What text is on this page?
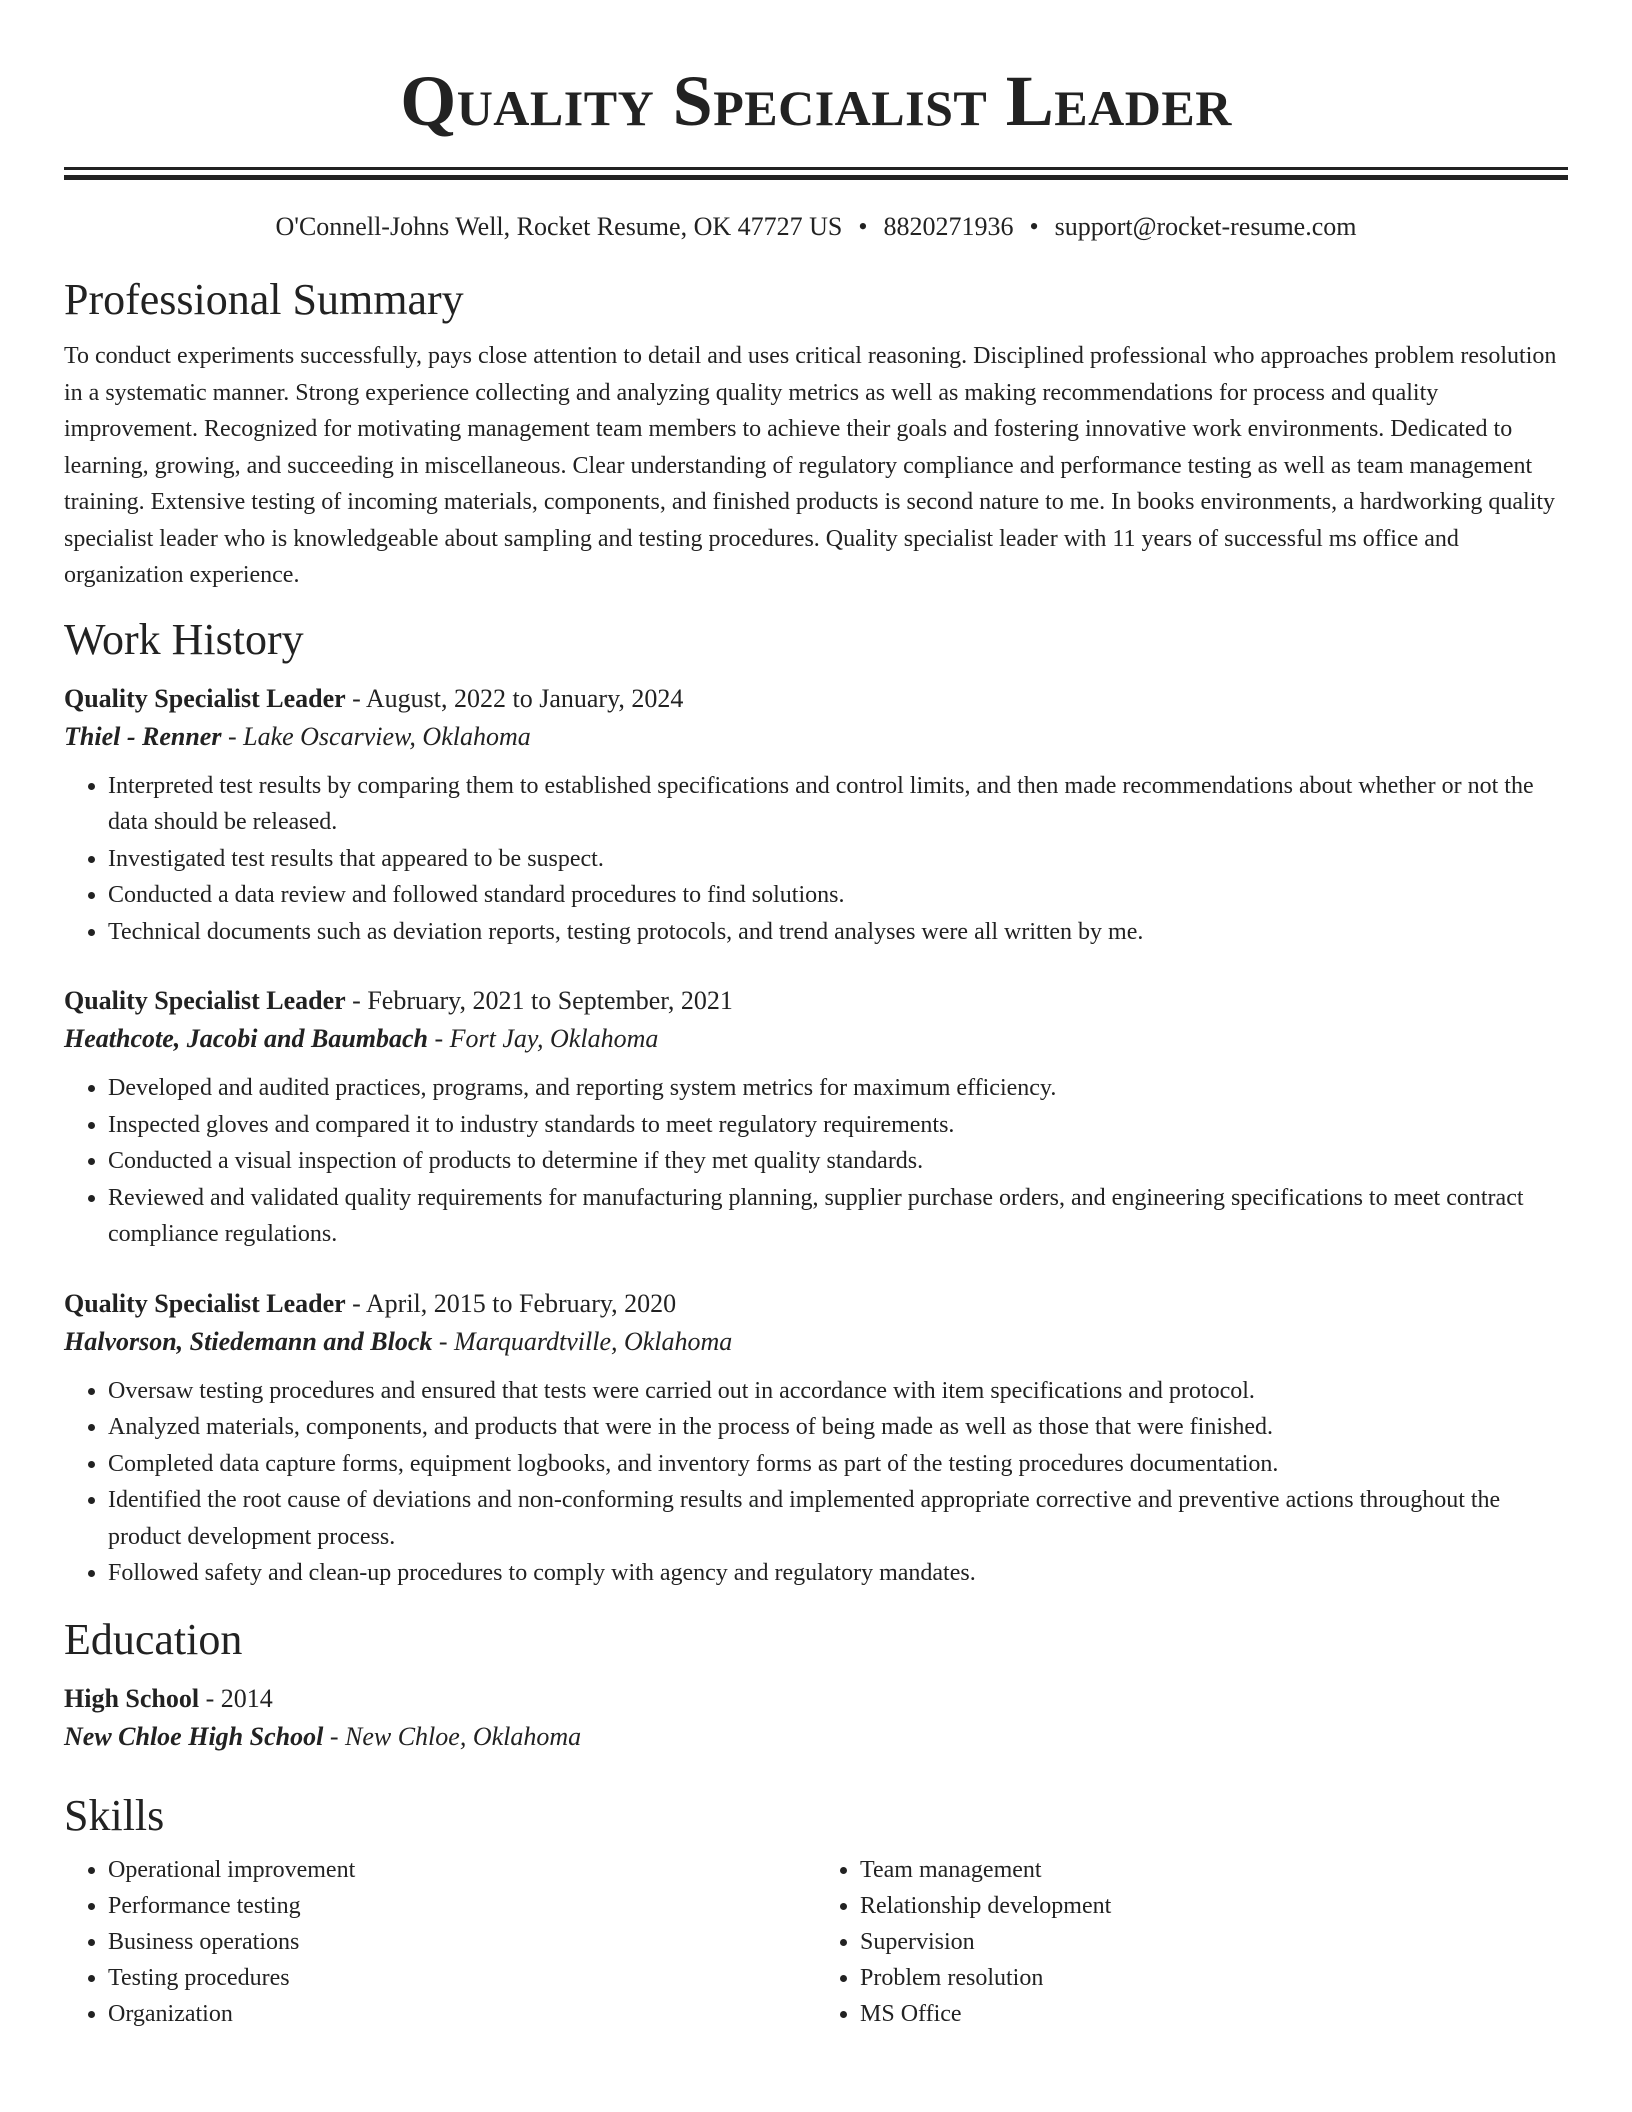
Quality Specialist Leader
O'Connell-Johns Well, Rocket Resume, OK 47727 US • 8820271936 • support@rocket-resume.com
Professional Summary

To conduct experiments successfully, pays close attention to detail and uses critical reasoning. Disciplined professional who approaches problem resolution in a systematic manner. Strong experience collecting and analyzing quality metrics as well as making recommendations for process and quality improvement. Recognized for motivating management team members to achieve their goals and fostering innovative work environments. Dedicated to learning, growing, and succeeding in miscellaneous. Clear understanding of regulatory compliance and performance testing as well as team management training. Extensive testing of incoming materials, components, and finished products is second nature to me. In books environments, a hardworking quality specialist leader who is knowledgeable about sampling and testing procedures. Quality specialist leader with 11 years of successful ms office and organization experience.

Work History
Quality Specialist Leader - August, 2022 to January, 2024
Thiel - Renner - Lake Oscarview, Oklahoma
• Interpreted test results by comparing them to established specifications and control limits, and then made recommendations about whether or not the data should be released.
• Investigated test results that appeared to be suspect.
• Conducted a data review and followed standard procedures to find solutions.
• Technical documents such as deviation reports, testing protocols, and trend analyses were all written by me.
Quality Specialist Leader - February, 2021 to September, 2021
Heathcote, Jacobi and Baumbach - Fort Jay, Oklahoma
• Developed and audited practices, programs, and reporting system metrics for maximum efficiency.
• Inspected gloves and compared it to industry standards to meet regulatory requirements.
• Conducted a visual inspection of products to determine if they met quality standards.
• Reviewed and validated quality requirements for manufacturing planning, supplier purchase orders, and engineering specifications to meet contract compliance regulations.
Quality Specialist Leader - April, 2015 to February, 2020
Halvorson, Stiedemann and Block - Marquardtville, Oklahoma
• Oversaw testing procedures and ensured that tests were carried out in accordance with item specifications and protocol.
• Analyzed materials, components, and products that were in the process of being made as well as those that were finished.
• Completed data capture forms, equipment logbooks, and inventory forms as part of the testing procedures documentation.
• Identified the root cause of deviations and non-conforming results and implemented appropriate corrective and preventive actions throughout the product development process.
• Followed safety and clean-up procedures to comply with agency and regulatory mandates.
Education
High School - 2014
New Chloe High School - New Chloe, Oklahoma
Skills
• Operational improvement
• Performance testing
• Business operations
• Testing procedures
• Organization
• Team management
• Relationship development
• Supervision
• Problem resolution
• MS Office
